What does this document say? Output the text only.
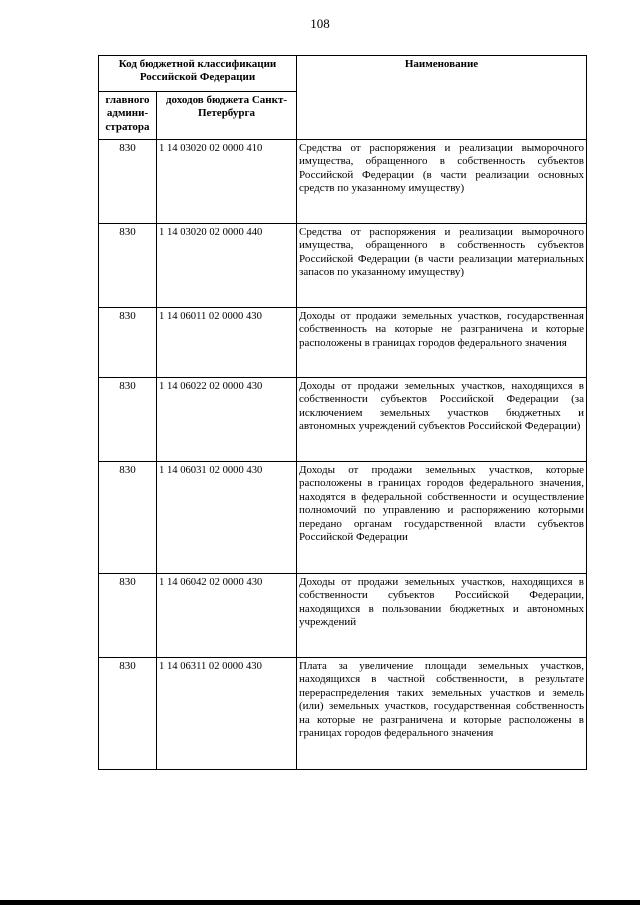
108
Код бюджетной классификации Российской Федерации		Наименование
главного админи-стратора	доходов бюджета Санкт-Петербурга	
830	1 14 03020 02 0000 410	Средства от распоряжения и реализации выморочного имущества, обращенного в собственность субъектов Российской Федерации (в части реализации основных средств по указанному имуществу)
830	1 14 03020 02 0000 440	Средства от распоряжения и реализации выморочного имущества, обращенного в собственность субъектов Российской Федерации (в части реализации материальных запасов по указанному имуществу)
830	1 14 06011 02 0000 430	Доходы от продажи земельных участков, государственная собственность на которые не разграничена и которые расположены в границах городов федерального значения
830	1 14 06022 02 0000 430	Доходы от продажи земельных участков, находящихся в собственности субъектов Российской Федерации (за исключением земельных участков бюджетных и автономных учреждений субъектов Российской Федерации)
830	1 14 06031 02 0000 430	Доходы от продажи земельных участков, которые расположены в границах городов федерального значения, находятся в федеральной собственности и осуществление полномочий по управлению и распоряжению которыми передано органам государственной власти субъектов Российской Федерации
830	1 14 06042 02 0000 430	Доходы от продажи земельных участков, находящихся в собственности субъектов Российской Федерации, находящихся в пользовании бюджетных и автономных учреждений
830	1 14 06311 02 0000 430	Плата за увеличение площади земельных участков, находящихся в частной собственности, в результате перераспределения таких земельных участков и земель (или) земельных участков, государственная собственность на которые не разграничена и которые расположены в границах городов федерального значения
